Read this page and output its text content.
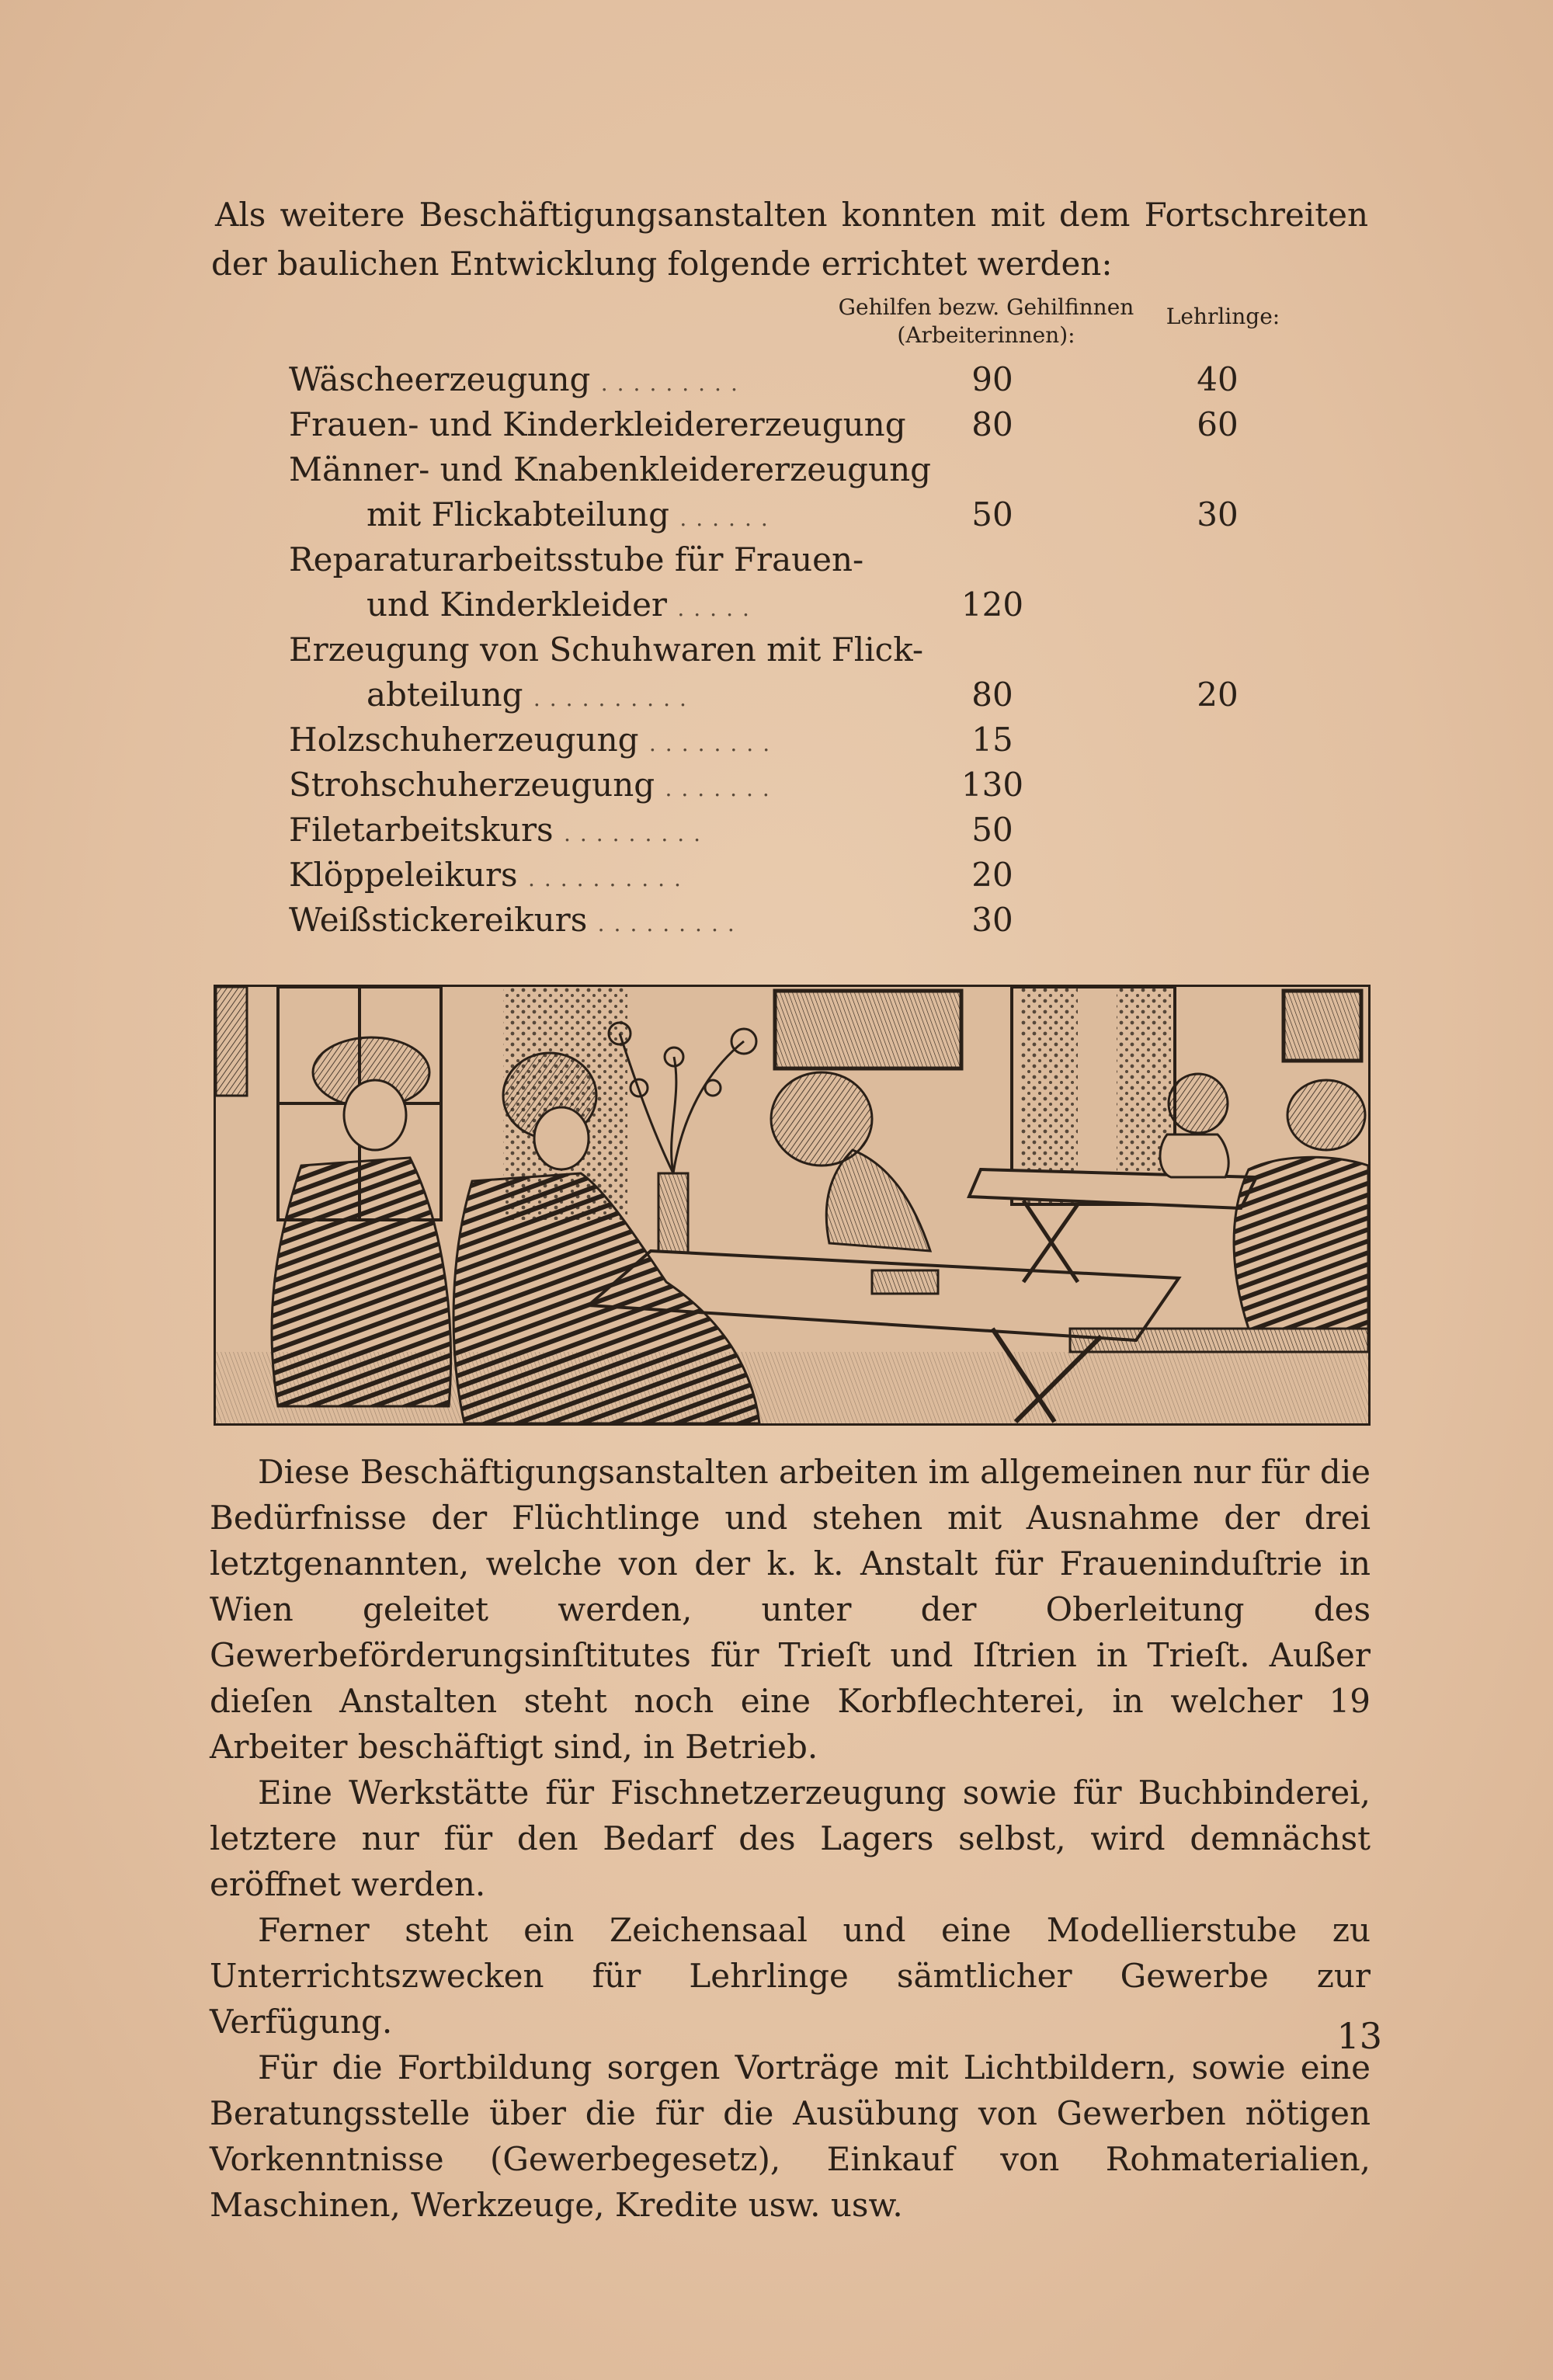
Als weitere Beschäftigungsanstalten konnten mit dem Fortschreiten der baulichen Entwicklung folgende errichtet werden:
Gehilfen bezw. Gehilfinnen (Arbeiterinnen):
Lehrlinge:
Wäscheerzeugung .........	90	40
Frauen- und Kinderkleidererzeugung	80	60
Männer- und Knabenkleidererzeugung
mit Flickabteilung ......	50	30
Reparaturarbeitsstube für Frauen-
und Kinderkleider .....	120
Erzeugung von Schuhwaren mit Flick-
abteilung ..........	80	20
Holzschuherzeugung ........	15
Strohschuherzeugung .......	130
Filetarbeitskurs .........	50
Klöppeleikurs ..........	20
Weißstickereikurs .........	30

Diese Beschäftigungsanstalten arbeiten im allgemeinen nur für die Bedürfnisse der Flüchtlinge und stehen mit Ausnahme der drei letztgenannten, welche von der k. k. Anstalt für Fraueninduſtrie in Wien geleitet werden, unter der Oberleitung des Gewerbeförderungsinſtitutes für Trieſt und Iſtrien in Trieſt. Außer dieſen Anstalten steht noch eine Korbflechterei, in welcher 19 Arbeiter beschäftigt sind, in Betrieb.

Eine Werkstätte für Fischnetzerzeugung sowie für Buchbinderei, letztere nur für den Bedarf des Lagers selbst, wird demnächst eröffnet werden.

Ferner steht ein Zeichensaal und eine Modellierstube zu Unterrichtszwecken für Lehrlinge sämtlicher Gewerbe zur Verfügung.

Für die Fortbildung sorgen Vorträge mit Lichtbildern, sowie eine Beratungsstelle über die für die Ausübung von Gewerben nötigen Vorkenntnisse (Gewerbegesetz), Einkauf von Rohmaterialien, Maschinen, Werkzeuge, Kredite usw. usw.

13
